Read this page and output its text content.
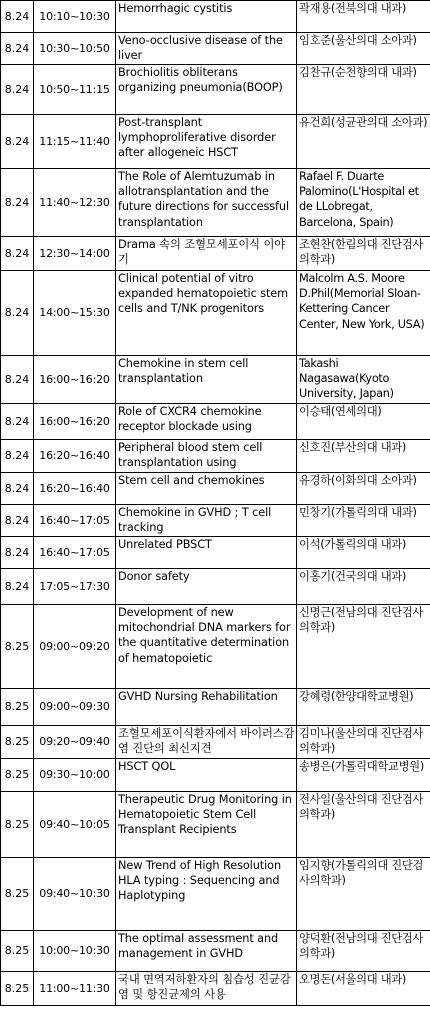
8.24	10:10~10:30	Hemorrhagic cystitis	곽재용(전북의대 내과)
8.24	10:30~10:50	Veno-occlusive disease of the liver	임호준(울산의대 소아과)
8.24	10:50~11:15	Brochiolitis obliterans organizing pneumonia(BOOP)	김찬규(순천향의대 내과)
8.24	11:15~11:40	Post-transplant lymphoproliferative disorder after allogeneic HSCT	유건희(성균관의대 소아과)
8.24	11:40~12:30	The Role of Alemtuzumab in allotransplantation and the future directions for successful transplantation	Rafael F. Duarte Palomino(L'Hospital et de LLobregat, Barcelona, Spain)
8.24	12:30~14:00	Drama 속의 조혈모세포이식 이야기	조현찬(한림의대 진단검사의학과)
8.24	14:00~15:30	Clinical potential of vitro expanded hematopoietic stem cells and T/NK progenitors	Malcolm A.S. Moore D.Phil(Memorial Sloan-Kettering Cancer Center, New York, USA)
8.24	16:00~16:20	Chemokine in stem cell transplantation	Takashi Nagasawa(Kyoto University, Japan)
8.24	16:00~16:20	Role of CXCR4 chemokine receptor blockade using	이승태(연세의대)
8.24	16:20~16:40	Peripheral blood stem cell transplantation using	신호진(부산의대 내과)
8.24	16:20~16:40	Stem cell and chemokines	유경하(이화의대 소아과)
8.24	16:40~17:05	Chemokine in GVHD ; T cell tracking	민창기(가톨릭의대 내과)
8.24	16:40~17:05	Unrelated PBSCT	이석(가톨릭의대 내과)
8.24	17:05~17:30	Donor safety	이홍기(건국의대 내과)
8.25	09:00~09:20	Development of new mitochondrial DNA markers for the quantitative determination of hematopoietic	신명근(전남의대 진단검사의학과)
8.25	09:00~09:30	GVHD Nursing Rehabilitation	강혜령(한양대학교병원)
8.25	09:20~09:40	조혈모세포이식환자에서 바이러스감염 진단의 최신지견	김미나(울산의대 진단검사의학과)
8.25	09:30~10:00	HSCT QOL	송병은(가톨릭대학교병원)
8.25	09:40~10:05	Therapeutic Drug Monitoring in Hematopoietic Stem Cell Transplant Recipients	전사일(울산의대 진단검사의학과)
8.25	09:40~10:30	New Trend of High Resolution HLA typing : Sequencing and Haplotyping	임지향(가톨릭의대 진단검사의학과)
8.25	10:00~10:30	The optimal assessment and management in GVHD	양덕환(전남의대 진단검사의학과)
8.25	11:00~11:30	국내 면역저하환자의 침습성 진균감염 및 항진균제의 사용	오명돈(서울의대 내과)
